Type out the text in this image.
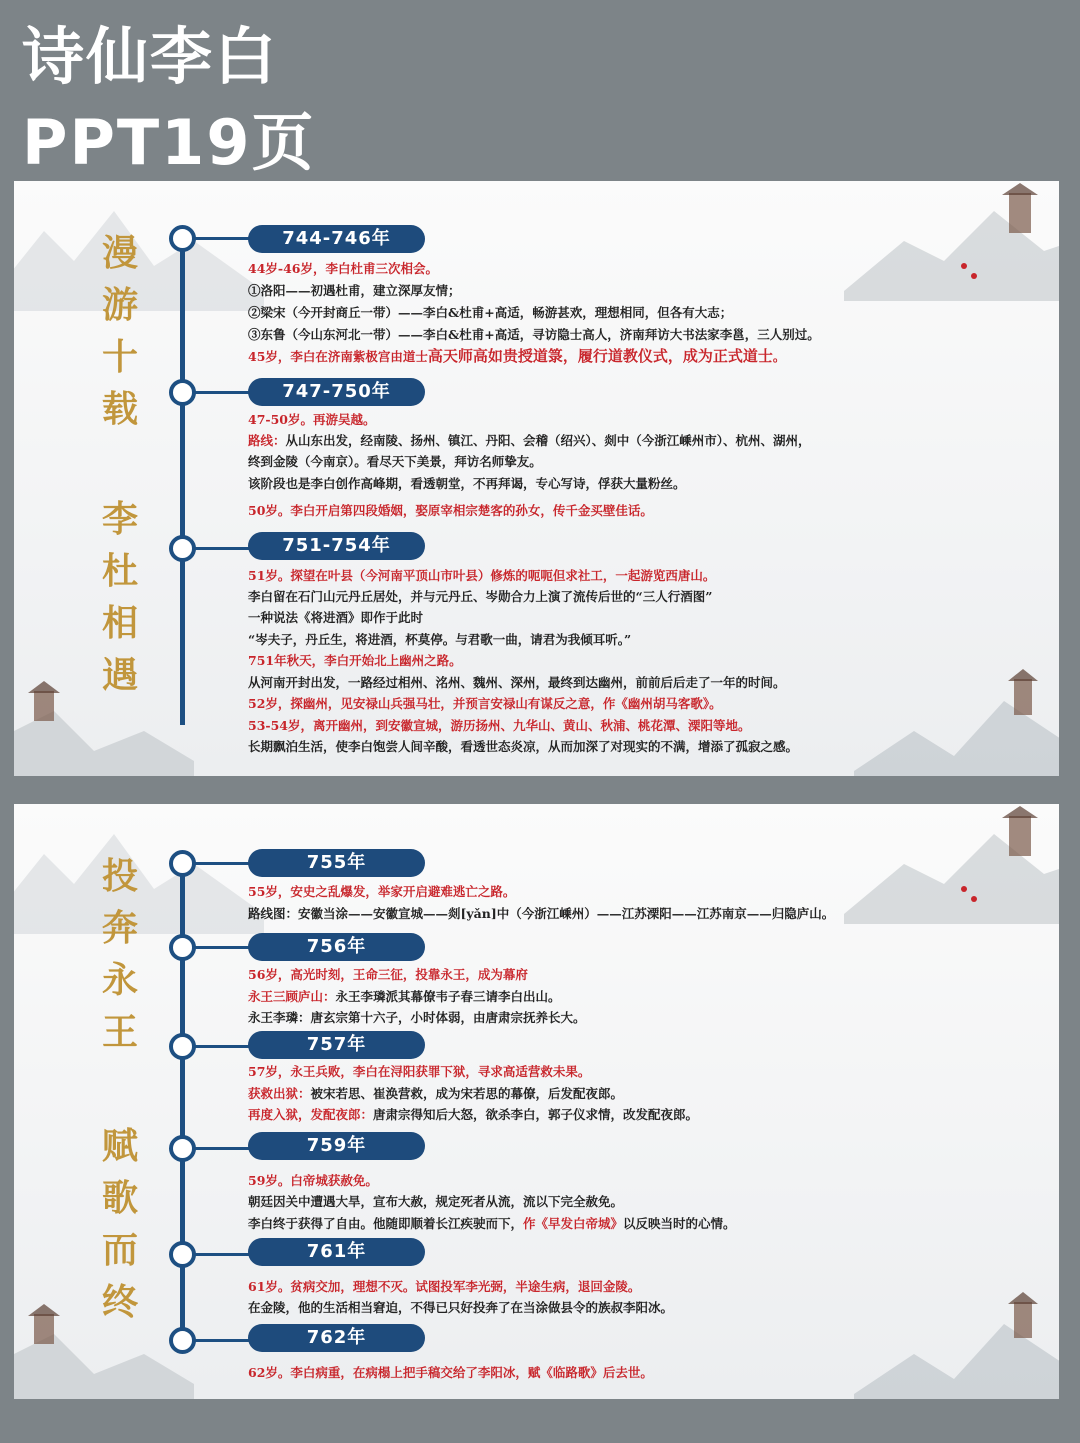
诗仙李白
PPT19页
漫
游
十
载
李
杜
相
遇
744-746年
44岁-46岁，李白杜甫三次相会。
①洛阳——初遇杜甫，建立深厚友情；
②梁宋（今开封商丘一带）——李白&杜甫+高适，畅游甚欢，理想相同，但各有大志；
③东鲁（今山东河北一带）——李白&杜甫+高适，寻访隐士高人，济南拜访大书法家李邕，三人别过。
45岁，李白在济南紫极宫由道士高天师高如贵授道箓，履行道教仪式，成为正式道士。
747-750年
47-50岁。再游吴越。
路线：从山东出发，经南陵、扬州、镇江、丹阳、会稽（绍兴）、剡中（今浙江嵊州市）、杭州、湖州，
终到金陵（今南京）。看尽天下美景，拜访名师挚友。
该阶段也是李白创作高峰期，看透朝堂，不再拜谒，专心写诗，俘获大量粉丝。
50岁。李白开启第四段婚姻，娶原宰相宗楚客的孙女，传千金买壁佳话。
751-754年
51岁。探望在叶县（今河南平顶山市叶县）修炼的呃呃但求社工，一起游览西唐山。
李白留在石门山元丹丘居处，并与元丹丘、岑勋合力上演了流传后世的“三人行酒图”
一种说法《将进酒》即作于此时
“岑夫子，丹丘生，将进酒，杯莫停。与君歌一曲，请君为我倾耳听。”
751年秋天，李白开始北上幽州之路。
从河南开封出发，一路经过相州、洺州、魏州、深州，最终到达幽州，前前后后走了一年的时间。
52岁，探幽州，见安禄山兵强马壮，并预言安禄山有谋反之意，作《幽州胡马客歌》。
53-54岁，离开幽州，到安徽宣城，游历扬州、九华山、黄山、秋浦、桃花潭、溧阳等地。
长期飘泊生活，使李白饱尝人间辛酸，看透世态炎凉，从而加深了对现实的不满，增添了孤寂之感。
投
奔
永
王
赋
歌
而
终
755年
55岁，安史之乱爆发，举家开启避难逃亡之路。
路线图：安徽当涂——安徽宣城——剡[yǎn]中（今浙江嵊州）——江苏溧阳——江苏南京——归隐庐山。
756年
56岁，高光时刻，王命三征，投靠永王，成为幕府
永王三顾庐山：永王李璘派其幕僚韦子春三请李白出山。
永王李璘：唐玄宗第十六子，小时体弱，由唐肃宗抚养长大。
757年
57岁，永王兵败，李白在浔阳获罪下狱，寻求高适营救未果。
获救出狱：被宋若思、崔涣营救，成为宋若思的幕僚，后发配夜郎。
再度入狱，发配夜郎：唐肃宗得知后大怒，欲杀李白，郭子仪求情，改发配夜郎。
759年
59岁。白帝城获赦免。
朝廷因关中遭遇大旱，宣布大赦，规定死者从流，流以下完全赦免。
李白终于获得了自由。他随即顺着长江疾驶而下，作《早发白帝城》以反映当时的心情。
761年
61岁。贫病交加，理想不灭。试图投军李光弼，半途生病，退回金陵。
在金陵，他的生活相当窘迫，不得已只好投奔了在当涂做县令的族叔李阳冰。
762年
62岁。李白病重，在病榻上把手稿交给了李阳冰，赋《临路歌》后去世。
